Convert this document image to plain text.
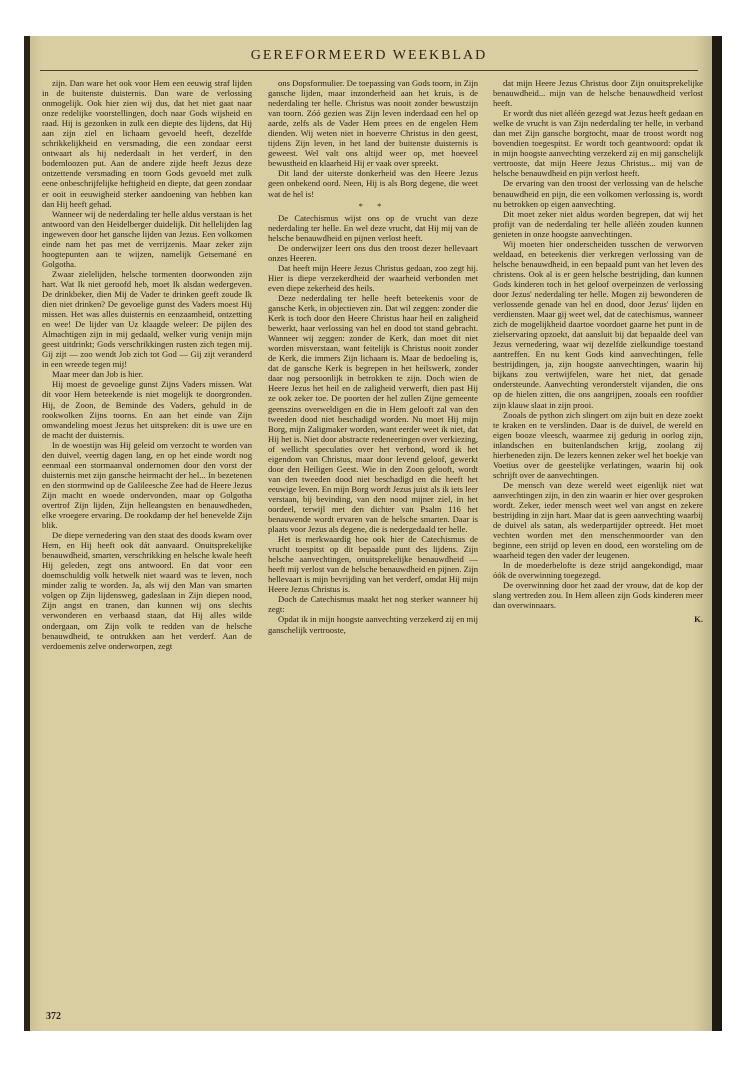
GEREFORMEERD WEEKBLAD

zijn. Dan ware het ook voor Hem een eeuwig straf lijden in de buitenste duisternis. Dan ware de verlossing onmogelijk. Ook hier zien wij dus, dat het niet gaat naar onze redelijke voorstellingen, doch naar Gods wijsheid en raad. Hij is gezonken in zulk een diepte des lijdens, dat Hij aan zijn ziel en lichaam gevoeld heeft, dezelfde schrikkelijkheid en versmading, die een zondaar eerst ontwaart als hij nederdaalt in het verderf, in den bodemloozen put. Aan de andere zijde heeft Jezus deze ontzettende versmading en toorn Gods gevoeld met zulk eene onbeschrijfelijke heftigheid en diepte, dat geen zondaar er ooit in eeuwigheid sterker aandoening van hebben kan dan Hij heeft gehad.

Wanneer wij de nederdaling ter helle aldus verstaan is het antwoord van den Heidelberger duidelijk. Dit hellelijden lag ingeweven door het gansche lijden van Jezus. Een volkomen einde nam het pas met de verrijzenis. Maar zeker zijn hoogtepunten aan te wijzen, namelijk Getsemané en Golgotha.

Zwaar zielelijden, helsche tormenten doorwonden zijn hart. Wat Ik niet geroofd heb, moet Ik alsdan wedergeven. De drinkbeker, dien Mij de Vader te drinken geeft zoude Ik dien niet drinken? De gevoelige gunst des Vaders moest Hij missen. Het was alles duisternis en eenzaamheid, ontzetting en wee! De lijder van Uz klaagde weleer: De pijlen des Almachtigen zijn in mij gedaald, welker vurig venijn mijn geest uitdrinkt; Gods verschrikkingen rusten zich tegen mij. Gij zijt — zoo wendt Job zich tot God — Gij zijt veranderd in een wreede tegen mij!

Maar meer dan Job is hier.

Hij moest de gevoelige gunst Zijns Vaders missen. Wat dit voor Hem beteekende is niet mogelijk te doorgronden. Hij, de Zoon, de Beminde des Vaders, gehuld in de rookwolken Zijns toorns. En aan het einde van Zijn omwandeling moest Jezus het uitspreken: dit is uwe ure en de macht der duisternis.

In de woestijn was Hij geleid om verzocht te worden van den duivel, veertig dagen lang, en op het einde wordt nog eenmaal een stormaanval ondernomen door den vorst der duisternis met zijn gansche heirmacht der hel... In bezetenen en den stormwind op de Galileesche Zee had de Heere Jezus Zijn macht en woede ondervonden, maar op Golgotha overtrof Zijn lijden, Zijn helleangsten en benauwdheden, elke vroegere ervaring. De rookdamp der hel benevelde Zijn blik.

De diepe vernedering van den staat des doods kwam over Hem, en Hij heeft ook dát aanvaard. Onuitsprekelijke benauwdheid, smarten, verschrikking en helsche kwale heeft Hij geleden, zegt ons antwoord. En dat voor een doemschuldig volk hetwelk niet waard was te leven, noch minder zalig te worden. Ja, als wij den Man van smarten volgen op Zijn lijdensweg, gadeslaan in Zijn diepen nood, Zijn angst en tranen, dan kunnen wij ons slechts verwonderen en verbaasd staan, dat Hij alles wilde ondergaan, om Zijn volk te redden van de helsche benauwdheid, te ontrukken aan het verderf. Aan de verdoemenis zelve onderworpen, zegt

ons Dopsformulier. De toepassing van Gods toorn, in Zijn gansche lijden, maar inzonderheid aan het kruis, is de nederdaling ter helle. Christus was nooit zonder bewustzijn van toorn. Zóó gezien was Zijn leven inderdaad een hel op aarde, zelfs als de Vader Hem prees en de engelen Hem dienden. Wij weten niet in hoeverre Christus in den geest, tijdens Zijn leven, in het land der buitenste duisternis is geweest. Wel valt ons altijd weer op, met hoeveel bewustheid en klaarheid Hij er vaak over spreekt.

Dit land der uiterste donkerheid was den Heere Jezus geen onbekend oord. Neen, Hij is als Borg degene, die weet wat de hel is!

* *

De Catechismus wijst ons op de vrucht van deze nederdaling ter helle. En wel deze vrucht, dat Hij mij van de helsche benauwdheid en pijnen verlost heeft.

De onderwijzer leert ons dus den troost dezer hellevaart onzes Heeren.

Dat heeft mijn Heere Jezus Christus gedaan, zoo zegt hij. Hier is diepe verzekerdheid der waarheid verbonden met even diepe zekerheid des heils.

Deze nederdaling ter helle heeft beteekenis voor de gansche Kerk, in objectieven zin. Dat wil zeggen: zonder die Kerk is toch door den Heere Christus haar heil en zaligheid bewerkt, haar verlossing van hel en dood tot stand gebracht. Wanneer wij zeggen: zonder de Kerk, dan moet dit niet worden misverstaan, want feitelijk is Christus nooit zonder de Kerk, die immers Zijn lichaam is. Maar de bedoeling is, dat de gansche Kerk is begrepen in het heilswerk, zonder daar nog persoonlijk in betrokken te zijn. Doch wien de Heere Jezus het heil en de zaligheid verwerft, dien past Hij ze ook zeker toe. De poorten der hel zullen Zijne gemeente geenszins overweldigen en die in Hem gelooft zal van den tweeden dood niet beschadigd worden. Nu moet Hij mijn Borg, mijn Zaligmaker worden, want eerder weet ik niet, dat Hij het is. Niet door abstracte redeneeringen over verkiezing, of wellicht speculaties over het verbond, word ik het eigendom van Christus, maar door levend geloof, gewerkt door den Heiligen Geest. Wie in den Zoon gelooft, wordt van den tweeden dood niet beschadigd en die heeft het eeuwige leven. En mijn Borg wordt Jezus juist als ik iets leer verstaan, bij bevinding, van den nood mijner ziel, in het oordeel, terwijl met den dichter van Psalm 116 het benauwende wordt ervaren van de helsche smarten. Daar is plaats voor Jezus als degene, die is nedergedaald ter helle.

Het is merkwaardig hoe ook hier de Catechismus de vrucht toespitst op dit bepaalde punt des lijdens. Zijn helsche aanvechtingen, onuitsprekelijke benauwdheid — heeft mij verlost van de helsche benauwdheid en pijnen. Zijn hellevaart is mijn bevrijding van het verderf, omdat Hij mijn Heere Jezus Christus is.

Doch de Catechismus maakt het nog sterker wanneer hij zegt:

Opdat ik in mijn hoogste aanvechting verzekerd zij en mij ganschelijk vertrooste,

dat mijn Heere Jezus Christus door Zijn onuitsprekelijke benauwdheid... mijn van de helsche benauwdheid verlost heeft.

Er wordt dus niet alléén gezegd wat Jezus heeft gedaan en welke de vrucht is van Zijn nederdaling ter helle, in verband dan met Zijn gansche borgtocht, maar de troost wordt nog bovendien toegespitst. Er wordt toch geantwoord: opdat ik in mijn hoogste aanvechting verzekerd zij en mij ganschelijk vertrooste, dat mijn Heere Jezus Christus... mij van de helsche benauwdheid en pijn verlost heeft.

De ervaring van den troost der verlossing van de helsche benauwdheid en pijn, die een volkomen verlossing is, wordt nu betrokken op eigen aanvechting.

Dit moet zeker niet aldus worden begrepen, dat wij het profijt van de nederdaling ter helle alléén zouden kunnen genieten in onze hoogste aanvechtingen.

Wij moeten hier onderscheiden tusschen de verworven weldaad, en beteekenis dier verkregen verlossing van de helsche benauwdheid, in een bepaald punt van het leven des christens. Ook al is er geen helsche bestrijding, dan kunnen Gods kinderen toch in het geloof overpeinzen de verlossing door Jezus' nederdaling ter helle. Mogen zij bewonderen de verlossende genade van hel en dood, door Jezus' lijden en verdiensten. Maar gij weet wel, dat de catechismus, wanneer zich de mogelijkheid daartoe voordoet gaarne het punt in de zielservaring opzoekt, dat aansluit bij dat bepaalde deel van Jezus vernedering, waar wij dezelfde zielkundige toestand aantreffen. En nu kent Gods kind aanvechtingen, felle bestrijdingen, ja, zijn hoogste aanvechtingen, waarin hij bijkans zou vertwijfelen, ware het niet, dat genade ondersteunde. Aanvechting veronderstelt vijanden, die ons op de hielen zitten, die ons aangrijpen, zooals een roofdier zijn klauw slaat in zijn prooi.

Zooals de python zich slingert om zijn buit en deze zoekt te kraken en te verslinden. Daar is de duivel, de wereld en eigen booze vleesch, waarmee zij gedurig in oorlog zijn, inlandschen en buitenlandschen krijg, zoolang zij hierbeneden zijn. De lezers kennen zeker wel het boekje van Voetius over de geestelijke verlatingen, waarin hij ook schrijft over de aanvechtingen.

De mensch van deze wereld weet eigenlijk niet wat aanvechtingen zijn, in den zin waarin er hier over gesproken wordt. Zeker, ieder mensch weet wel van angst en zekere bestrijding in zijn hart. Maar dat is geen aanvechting waarbij de duivel als satan, als wederpartijder optreedt. Het moet vechten worden met den menschenmoorder van den beginne, een strijd op leven en dood, een worsteling om de waarheid tegen den vader der leugenen.

In de moederbelofte is deze strijd aangekondigd, maar óók de overwinning toegezegd.

De overwinning door het zaad der vrouw, dat de kop der slang vertreden zou. In Hem alleen zijn Gods kinderen meer dan overwinnaars.

K.

372
